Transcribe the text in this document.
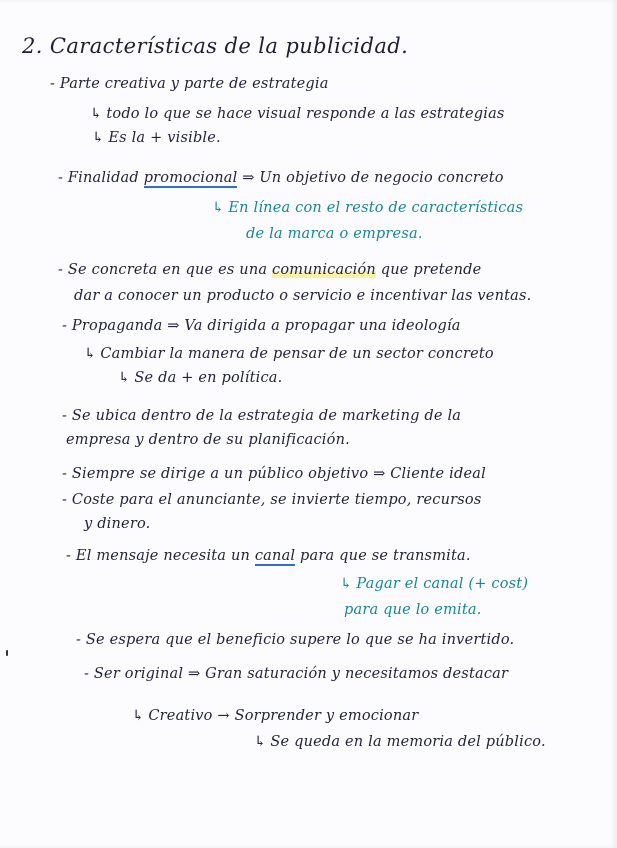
2. Características de la publicidad.
- Parte creativa y parte de estrategia
↳ todo lo que se hace visual responde a las estrategias
↳ Es la + visible.
- Finalidad promocional ⇒ Un objetivo de negocio concreto
↳ En línea con el resto de características
de la marca o empresa.
- Se concreta en que es una comunicación que pretende
dar a conocer un producto o servicio e incentivar las ventas.
- Propaganda ⇒ Va dirigida a propagar una ideología
↳ Cambiar la manera de pensar de un sector concreto
↳ Se da + en política.
- Se ubica dentro de la estrategia de marketing de la
empresa y dentro de su planificación.
- Siempre se dirige a un público objetivo ⇒ Cliente ideal
- Coste para el anunciante, se invierte tiempo, recursos
y dinero.
- El mensaje necesita un canal para que se transmita.
↳ Pagar el canal (+ cost)
para que lo emita.
- Se espera que el beneficio supere lo que se ha invertido.
- Ser original ⇒ Gran saturación y necesitamos destacar
↳ Creativo → Sorprender y emocionar
↳ Se queda en la memoria del público.
